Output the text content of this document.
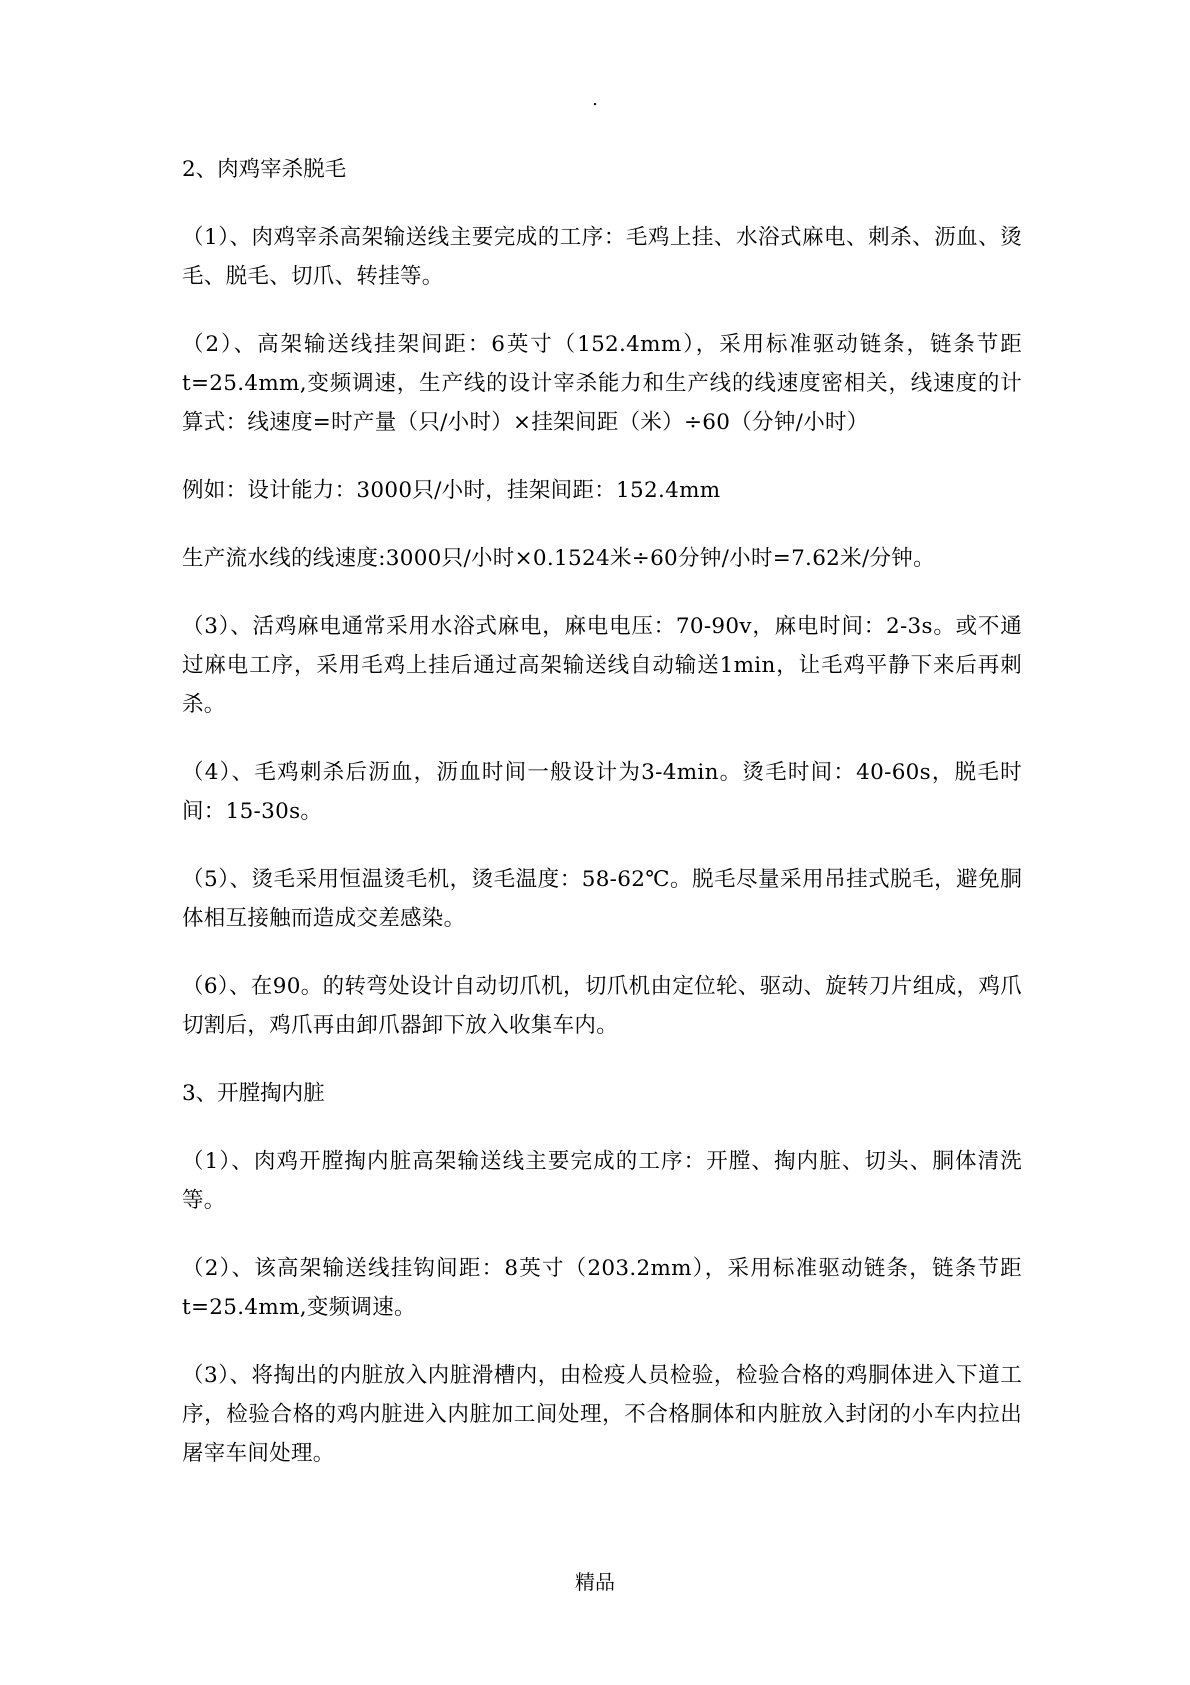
.
2、肉鸡宰杀脱毛

（1）、肉鸡宰杀高架输送线主要完成的工序：毛鸡上挂、水浴式麻电、刺杀、沥血、烫毛、脱毛、切爪、转挂等。

（2）、高架输送线挂架间距：6英寸（152.4mm），采用标准驱动链条，链条节距t=25.4mm,变频调速，生产线的设计宰杀能力和生产线的线速度密相关，线速度的计算式：线速度=时产量（只/小时）×挂架间距（米）÷60（分钟/小时）

例如：设计能力：3000只/小时，挂架间距：152.4mm

生产流水线的线速度:3000只/小时×0.1524米÷60分钟/小时=7.62米/分钟。

（3）、活鸡麻电通常采用水浴式麻电，麻电电压：70-90v，麻电时间：2-3s。或不通过麻电工序，采用毛鸡上挂后通过高架输送线自动输送1min，让毛鸡平静下来后再刺杀。

（4）、毛鸡刺杀后沥血，沥血时间一般设计为3-4min。烫毛时间：40-60s，脱毛时间：15-30s。

（5）、烫毛采用恒温烫毛机，烫毛温度：58-62℃。脱毛尽量采用吊挂式脱毛，避免胴体相互接触而造成交差感染。

（6）、在90。的转弯处设计自动切爪机，切爪机由定位轮、驱动、旋转刀片组成，鸡爪切割后，鸡爪再由卸爪器卸下放入收集车内。

3、开膛掏内脏

（1）、肉鸡开膛掏内脏高架输送线主要完成的工序：开膛、掏内脏、切头、胴体清洗等。

（2）、该高架输送线挂钩间距：8英寸（203.2mm），采用标准驱动链条，链条节距t=25.4mm,变频调速。

（3）、将掏出的内脏放入内脏滑槽内，由检疫人员检验，检验合格的鸡胴体进入下道工序，检验合格的鸡内脏进入内脏加工间处理，不合格胴体和内脏放入封闭的小车内拉出屠宰车间处理。

精品
